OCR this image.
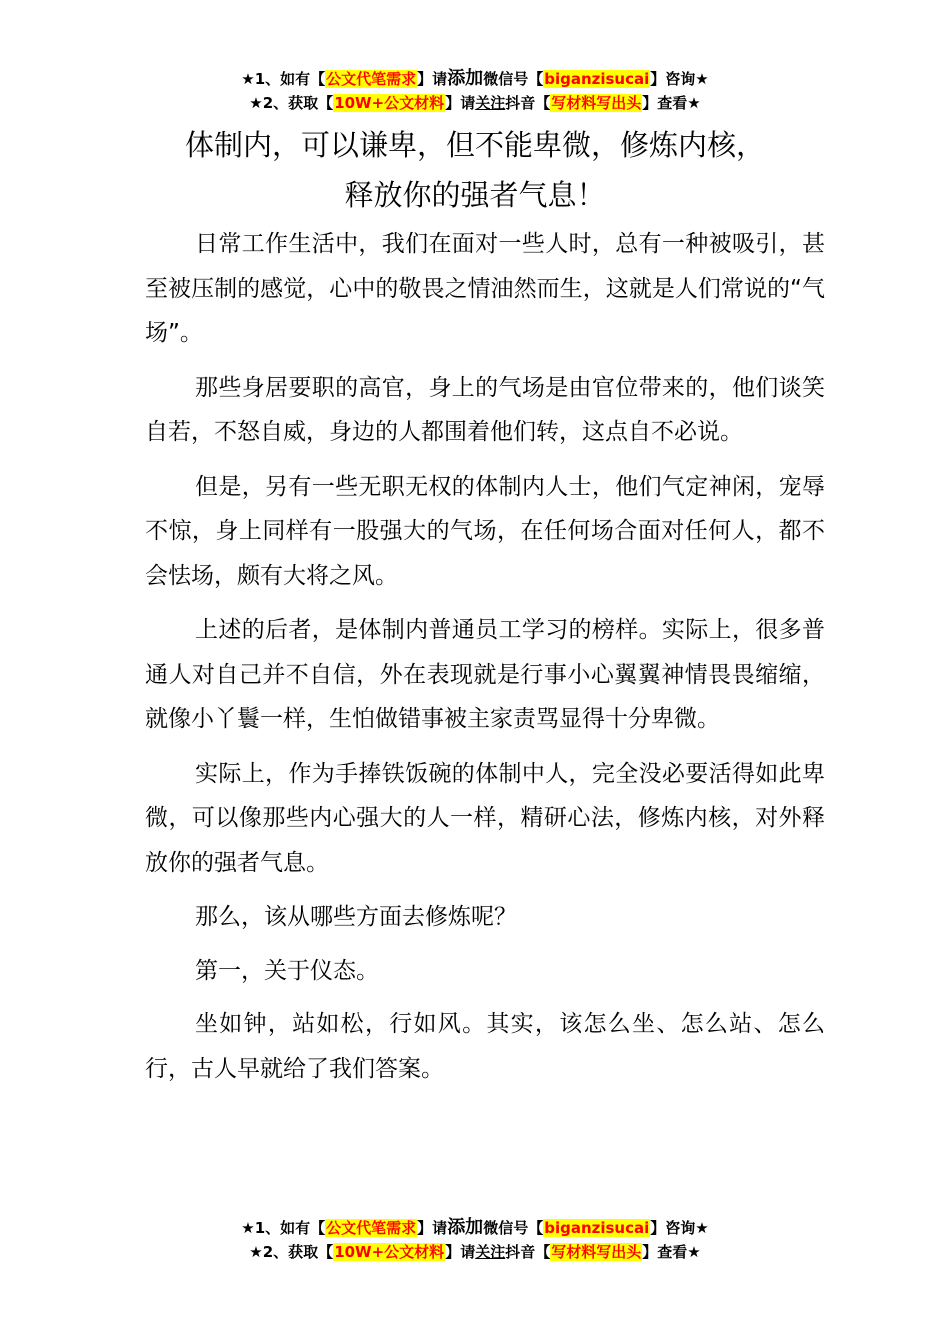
★1、如有【公文代笔需求】请添加微信号【biganzisucai】咨询★
★2、获取【10W+公文材料】请关注抖音【写材料写出头】查看★
体制内，可以谦卑，但不能卑微，修炼内核，
释放你的强者气息！

日常工作生活中，我们在面对一些人时，总有一种被吸引，甚至被压制的感觉，心中的敬畏之情油然而生，这就是人们常说的“气场”。

那些身居要职的高官，身上的气场是由官位带来的，他们谈笑自若，不怒自威，身边的人都围着他们转，这点自不必说。

但是，另有一些无职无权的体制内人士，他们气定神闲，宠辱不惊，身上同样有一股强大的气场，在任何场合面对任何人，都不会怯场，颇有大将之风。

上述的后者，是体制内普通员工学习的榜样。实际上，很多普通人对自己并不自信，外在表现就是行事小心翼翼神情畏畏缩缩，就像小丫鬟一样，生怕做错事被主家责骂显得十分卑微。

实际上，作为手捧铁饭碗的体制中人，完全没必要活得如此卑微，可以像那些内心强大的人一样，精研心法，修炼内核，对外释放你的强者气息。

那么，该从哪些方面去修炼呢？

第一，关于仪态。

坐如钟，站如松，行如风。其实，该怎么坐、怎么站、怎么行，古人早就给了我们答案。

★1、如有【公文代笔需求】请添加微信号【biganzisucai】咨询★
★2、获取【10W+公文材料】请关注抖音【写材料写出头】查看★
